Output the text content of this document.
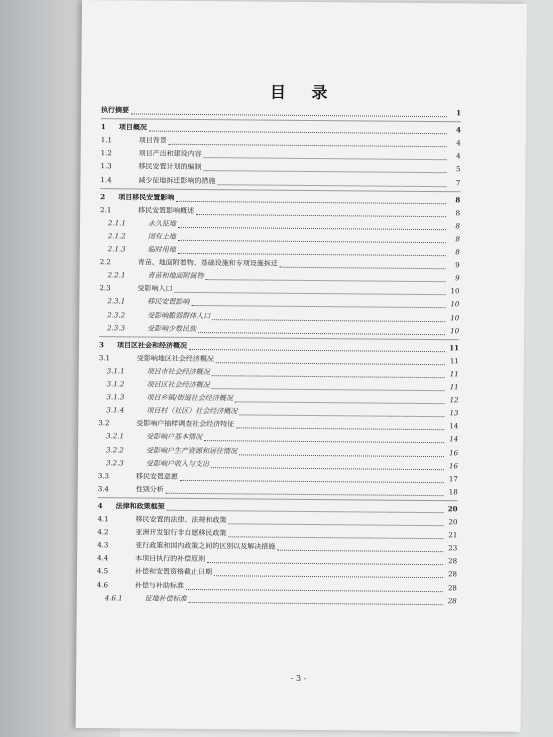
目 录
执行摘要	1
1 项目概况	4
1.1	项目背景	4
1.2	项目产出和建设内容	4
1.3	移民安置计划的编制	5
1.4	减少征地拆迁影响的措施	7
2 项目移民安置影响	8
2.1	移民安置影响概述	8
2.1.1	永久征地	8
2.1.2	国有土地	8
2.1.3	临时用地	8
2.2	青苗、地面附着物、基础设施和专项设施拆迁	9
2.2.1	青苗和地面附属物	9
2.3	受影响人口	10
2.3.1	移民安置影响	10
2.3.2	受影响脆弱群体人口	10
2.3.3	受影响少数民族	10
3 项目区社会和经济概况	11
3.1	受影响地区社会经济概况	11
3.1.1	项目市社会经济概况	11
3.1.2	项目区社会经济概况	11
3.1.3	项目乡镇/街道社会经济概况	12
3.1.4	项目村（社区）社会经济概况	13
3.2	受影响户抽样调查社会经济特征	14
3.2.1	受影响户基本情况	14
3.2.2	受影响户生产资源和居住情况	16
3.2.3	受影响户收入与支出	16
3.3	移民安置意愿	17
3.4	性别分析	18
4 法律和政策框架	20
4.1	移民安置的法律、法规和政策	20
4.2	亚洲开发银行非自愿移民政策	21
4.3	亚行政策和国内政策之间的区别以及解决措施	23
4.4	本项目执行的补偿原则	28
4.5	补偿和安置资格截止日期	28
4.6	补偿与补助标准	28
4.6.1	征地补偿标准	28
- 3 -
